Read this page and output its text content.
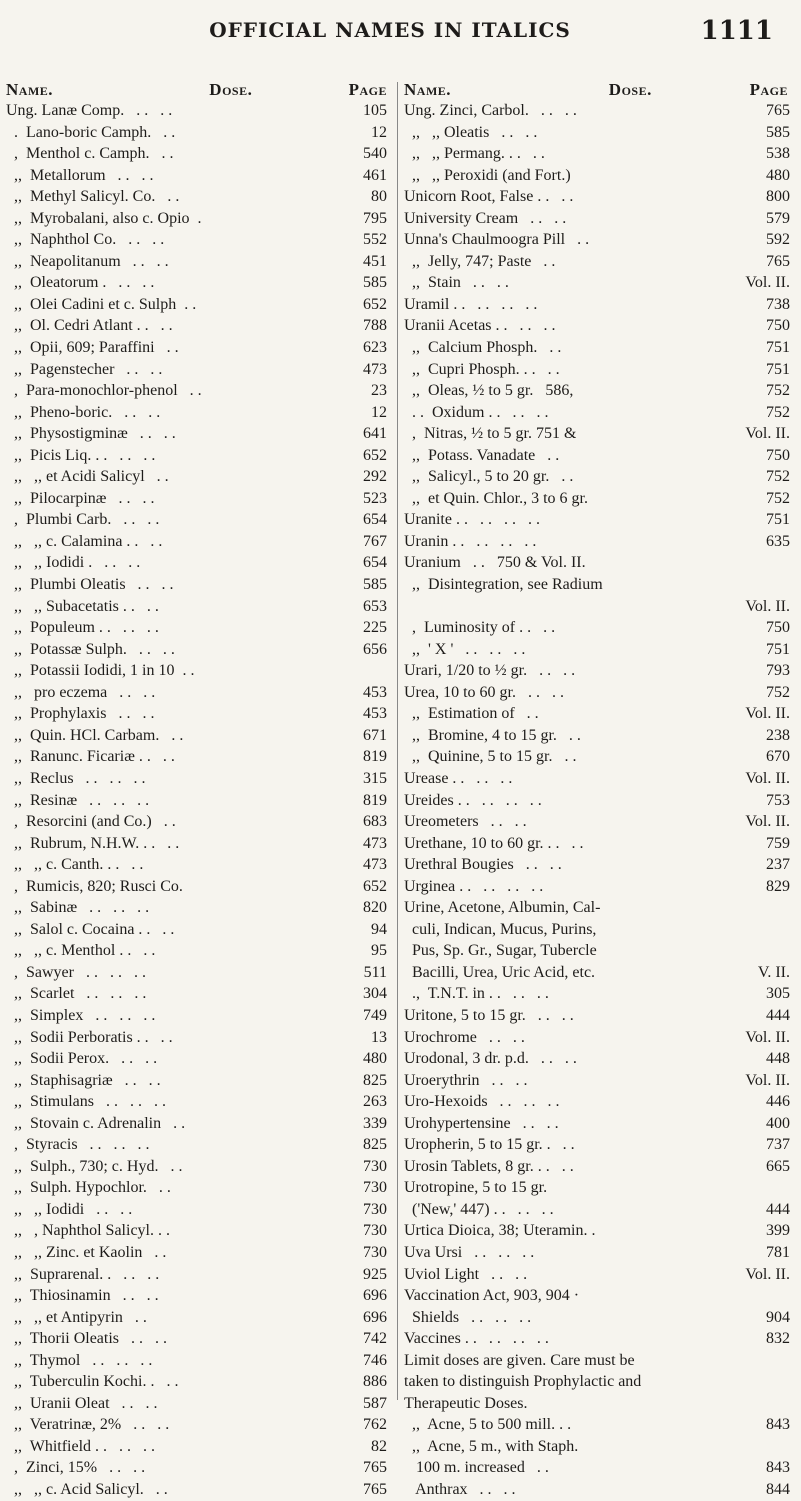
OFFICIAL NAMES IN ITALICS	1111
Name.	Dose.	Page
Ung. Lanæ Comp.   . .   . .	105
.  Lano-boric Camph.   . .	12
,  Menthol c. Camph.   . .	540
,,  Metallorum   . .   . .	461
,,  Methyl Salicyl. Co.   . .	80
,,  Myrobalani, also c. Opio  .	795
,,  Naphthol Co.   . .   . .	552
,,  Neapolitanum   . .   . .	451
,,  Oleatorum .   . .   . .	585
,,  Olei Cadini et c. Sulph  . .	652
,,  Ol. Cedri Atlant . .   . .	788
,,  Opii, 609; Paraffini   . .	623
,,  Pagenstecher   . .   . .	473
,  Para-monochlor-phenol   . .	23
,,  Pheno-boric.   . .   . .	12
,,  Physostigminæ   . .   . .	641
,,  Picis Liq. . .   . .   . .	652
,,   ,, et Acidi Salicyl   . .	292
,,  Pilocarpinæ   . .   . .	523
,  Plumbi Carb.   . .   . .	654
,,   ,, c. Calamina . .   . .	767
,,   ,, Iodidi .   . .   . .	654
,,  Plumbi Oleatis   . .   . .	585
,,   ,, Subacetatis . .   . .	653
,,  Populeum . .   . .   . .	225
,,  Potassæ Sulph.   . .   . .	656
,,  Potassii Iodidi, 1 in 10  . .
,,   pro eczema   . .   . .	453
,,  Prophylaxis   . .   . .	453
,,  Quin. HCl. Carbam.   . .	671
,,  Ranunc. Ficariæ . .   . .	819
,,  Reclus   . .   . .   . .	315
,,  Resinæ   . .   . .   . .	819
,  Resorcini (and Co.)   . .	683
,,  Rubrum, N.H.W. . .   . .	473
,,   ,, c. Canth. . .   . .	473
,  Rumicis, 820; Rusci Co.	652
,,  Sabinæ   . .   . .   . .	820
,,  Salol c. Cocaina . .   . .	94
,,   ,, c. Menthol . .   . .	95
,  Sawyer   . .   . .   . .	511
,,  Scarlet   . .   . .   . .	304
,,  Simplex   . .   . .   . .	749
,,  Sodii Perboratis . .   . .	13
,,  Sodii Perox.   . .   . .	480
,,  Staphisagriæ   . .   . .	825
,,  Stimulans   . .   . .   . .	263
,,  Stovain c. Adrenalin   . .	339
,  Styracis   . .   . .   . .	825
,,  Sulph., 730; c. Hyd.   . .	730
,,  Sulph. Hypochlor.   . .	730
,,   ,, Iodidi   . .   . .	730
,,   , Naphthol Salicyl. . .	730
,,   ,, Zinc. et Kaolin   . .	730
,,  Suprarenal. .   . .   . .	925
,,  Thiosinamin   . .   . .	696
,,   ,, et Antipyrin   . .	696
,,  Thorii Oleatis   . .   . .	742
,,  Thymol   . .   . .   . .	746
,,  Tuberculin Kochi. .   . .	886
,,  Uranii Oleat   . .   . .	587
,,  Veratrinæ, 2%   . .   . .	762
,,  Whitfield . .   . .   . .	82
,  Zinci, 15%   . .   . .	765
,,   ,, c. Acid Salicyl.   . .	765
Name.	Dose.	Page
Ung. Zinci, Carbol.   . .   . .	765
,,   ,, Oleatis   . .   . .	585
,,   ,, Permang. . .   . .	538
,,   ,, Peroxidi (and Fort.)	480
Unicorn Root, False . .   . .	800
University Cream   . .   . .	579
Unna's Chaulmoogra Pill   . .	592
,,  Jelly, 747; Paste   . .	765
,,  Stain   . .   . .	Vol. II.
Uramil . .   . .   . .   . .	738
Uranii Acetas . .   . .   . .	750
,,  Calcium Phosph.   . .	751
,,  Cupri Phosph. . .   . .	751
,,  Oleas, ½ to 5 gr.   586,	752
. .  Oxidum . .   . .   . .	752
,  Nitras, ½ to 5 gr. 751 &	Vol. II.
,,  Potass. Vanadate   . .	750
,,  Salicyl., 5 to 20 gr.   . .	752
,,  et Quin. Chlor., 3 to 6 gr.	752
Uranite . .   . .   . .   . .	751
Uranin . .   . .   . .   . .	635
Uranium   . .   750 & Vol. II.
,,  Disintegration, see Radium
Vol. II.
,  Luminosity of . .   . .	750
,,  ' X '   . .   . .   . .	751
Urari, 1/20 to ½ gr.   . .   . .	793
Urea, 10 to 60 gr.   . .   . .	752
,,  Estimation of   . .	Vol. II.
,,  Bromine, 4 to 15 gr.   . .	238
,,  Quinine, 5 to 15 gr.   . .	670
Urease . .   . .   . .	Vol. II.
Ureides . .   . .   . .   . .	753
Ureometers   . .   . .	Vol. II.
Urethane, 10 to 60 gr. . .   . .	759
Urethral Bougies   . .   . .	237
Urginea . .   . .   . .   . .	829
Urine, Acetone, Albumin, Cal-
culi, Indican, Mucus, Purins,
Pus, Sp. Gr., Sugar, Tubercle
Bacilli, Urea, Uric Acid, etc.	V. II.
.,  T.N.T. in . .   . .   . .	305
Uritone, 5 to 15 gr.   . .   . .	444
Urochrome   . .   . .	Vol. II.
Urodonal, 3 dr. p.d.   . .   . .	448
Uroerythrin   . .   . .	Vol. II.
Uro-Hexoids   . .   . .   . .	446
Urohypertensine   . .   . .	400
Uropherin, 5 to 15 gr. .   . .	737
Urosin Tablets, 8 gr. . .   . .	665
Urotropine, 5 to 15 gr.
('New,' 447) . .   . .   . .	444
Urtica Dioica, 38; Uteramin. .	399
Uva Ursi   . .   . .   . .	781
Uviol Light   . .   . .	Vol. II.
Vaccination Act, 903, 904 ·
Shields   . .   . .   . .	904
Vaccines . .   . .   . .   . .	832
Limit doses are given. Care must be
taken to distinguish Prophylactic and
Therapeutic Doses.
,,  Acne, 5 to 500 mill. . .	843
,,  Acne, 5 m., with Staph.
100 m. increased   . .	843
Anthrax   . .   . .	844
